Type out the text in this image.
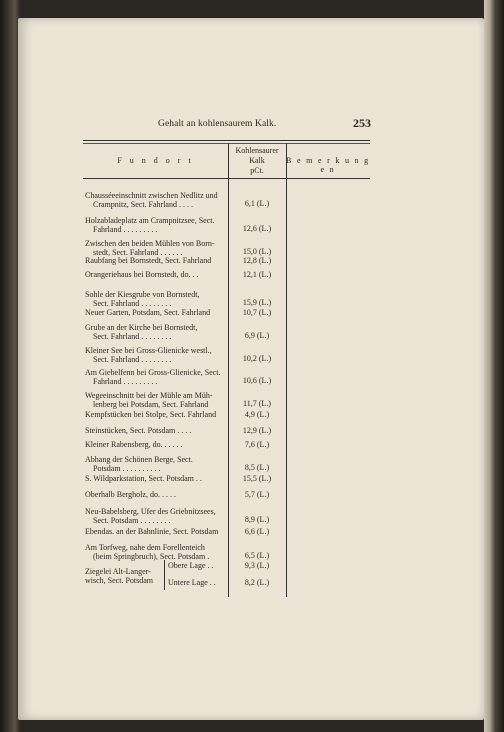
Gehalt an kohlensaurem Kalk.	253
F u n d o r t
Kohlensaurer
Kalk
pCt.
B e m e r k u n g e n
Chausséeeinschnitt zwischen Nedlitz und
Crampnitz, Sect. Fahrland . . . .	6,1 (L.)
Holzabladeplatz am Crampnitzsee, Sect.
Fahrland . . . . . . . . .	12,6 (L.)
Zwischen den beiden Mühlen von Born-
stedt, Sect. Fahrland . . . . . .	15,0 (L.)
Raubfang bei Bornstedt, Sect. Fahrland	12,8 (L.)
Orangeriehaus bei Bornstedt, do. . .	12,1 (L.)
Sohle der Kiesgrube von Bornstedt,
Sect. Fahrland . . . . . . . .	15,9 (L.)
Neuer Garten, Potsdam, Sect. Fahrland	10,7 (L.)
Grube an der Kirche bei Bornstedt,
Sect. Fahrland . . . . . . . .	6,9 (L.)
Kleiner See bei Gross-Glienicke westl.,
Sect. Fahrland . . . . . . . .	10,2 (L.)
Am Giebelfenn bei Gross-Glienicke, Sect.
Fahrland . . . . . . . . .	10,6 (L.)
Wegeeinschnitt bei der Mühle am Müh-
lenberg bei Potsdam, Sect. Fahrland	11,7 (L.)
Kempfstücken bei Stolpe, Sect. Fahrland	4,9 (L.)
Steinstücken, Sect. Potsdam . . . .	12,9 (L.)
Kleiner Rabensberg, do. . . . . .	7,6 (L.)
Abhang der Schönen Berge, Sect.
Potsdam . . . . . . . . . .	8,5 (L.)
S. Wildparkstation, Sect. Potsdam . .	15,5 (L.)
Oberhalb Bergholz, do. . . . .	5,7 (L.)
Neu-Babelsberg, Ufer des Griebnitzsees,
Sect. Potsdam . . . . . . . .	8,9 (L.)
Ebendas. an der Bahnlinie, Sect. Potsdam	6,6 (L.)
Am Torfweg, nahe dem Forellenteich
(beim Springbruch), Sect. Potsdam .	6,5 (L.)
Ziegelei Alt-Langer-
wisch, Sect. Potsdam
Obere Lage . .	9,3 (L.)
Untere Lage . .	8,2 (L.)
